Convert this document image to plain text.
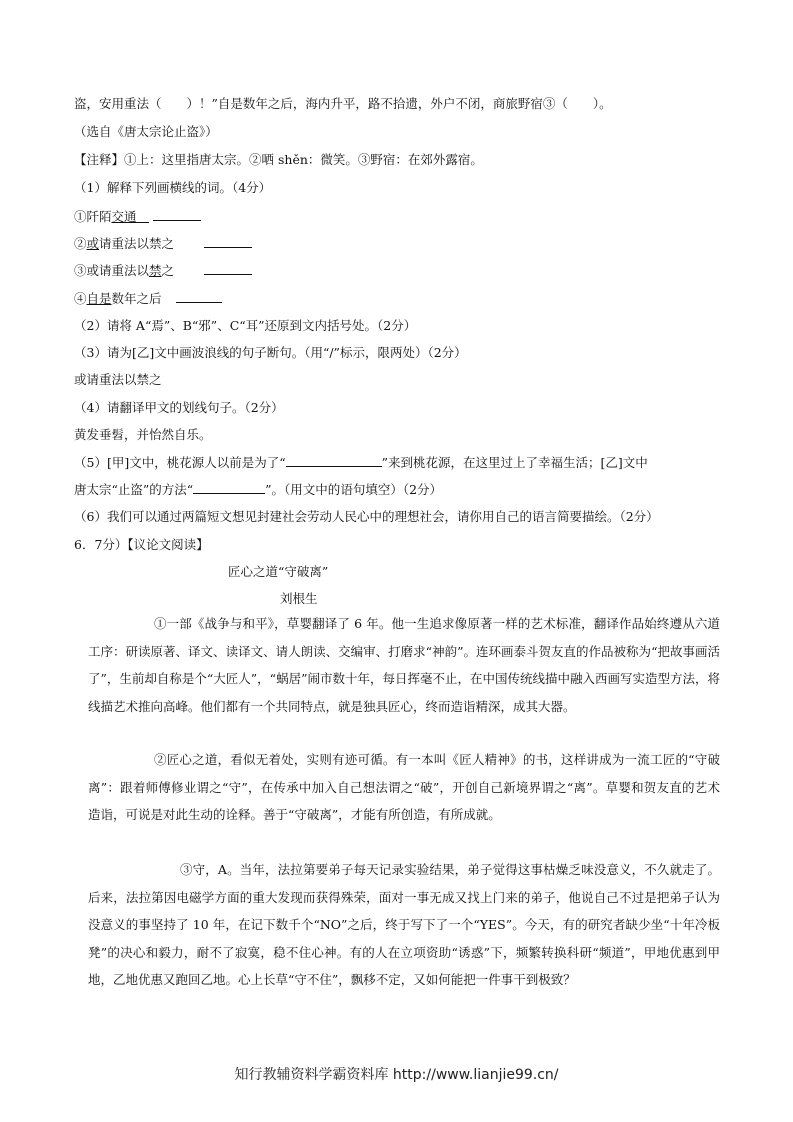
盗，安用重法（　　）！”自是数年之后，海内升平，路不拾遗，外户不闭，商旅野宿③（　　）。
（选自《唐太宗论止盗》）
【注释】①上：这里指唐太宗。②哂 shěn：微笑。③野宿：在郊外露宿。
（1）解释下列画横线的词。（4分）
①阡陌交通　
②或请重法以禁之
③或请重法以禁之
④自是数年之后
（2）请将 A“焉”、B“邪”、C“耳”还原到文内括号处。（2分）
（3）请为[乙]文中画波浪线的句子断句。（用“/”标示，限两处）（2分）
或请重法以禁之
（4）请翻译甲文的划线句子。（2分）
黄发垂髫，并怡然自乐。
（5）[甲]文中，桃花源人以前是为了“	”来到桃花源，在这里过上了幸福生活；[乙]文中
唐太宗“止盗”的方法“	”。（用文中的语句填空）（2分）
（6）我们可以通过两篇短文想见封建社会劳动人民心中的理想社会，请你用自己的语言简要描绘。（2分）
6．7分）【议论文阅读】
匠心之道“守破离”
刘根生
①一部《战争与和平》，草婴翻译了 6 年。他一生追求像原著一样的艺术标准，翻译作品始终遵从六道工序：研读原著、译文、读译文、请人朗读、交编审、打磨求“神韵”。连环画泰斗贺友直的作品被称为“把故事画活了”，生前却自称是个“大匠人”，“蜗居”闹市数十年，每日挥毫不止，在中国传统线描中融入西画写实造型方法，将线描艺术推向高峰。他们都有一个共同特点，就是独具匠心，终而造诣精深，成其大器。
②匠心之道，看似无着处，实则有迹可循。有一本叫《匠人精神》的书，这样讲成为一流工匠的“守破离”：跟着师傅修业谓之“守”，在传承中加入自己想法谓之“破”，开创自己新境界谓之“离”。草婴和贺友直的艺术造诣，可说是对此生动的诠释。善于“守破离”，才能有所创造，有所成就。
③守，A。当年，法拉第要弟子每天记录实验结果，弟子觉得这事枯燥乏味没意义，不久就走了。后来，法拉第因电磁学方面的重大发现而获得殊荣，面对一事无成又找上门来的弟子，他说自己不过是把弟子认为没意义的事坚持了 10 年，在记下数千个“NO”之后，终于写下了一个“YES”。今天，有的研究者缺少坐“十年冷板凳”的决心和毅力，耐不了寂寞，稳不住心神。有的人在立项资助“诱惑”下，频繁转换科研“频道”，甲地优惠到甲地，乙地优惠又跑回乙地。心上长草“守不住”，飘移不定，又如何能把一件事干到极致？
知行教辅资料学霸资料库 http://www.lianjie99.cn/
